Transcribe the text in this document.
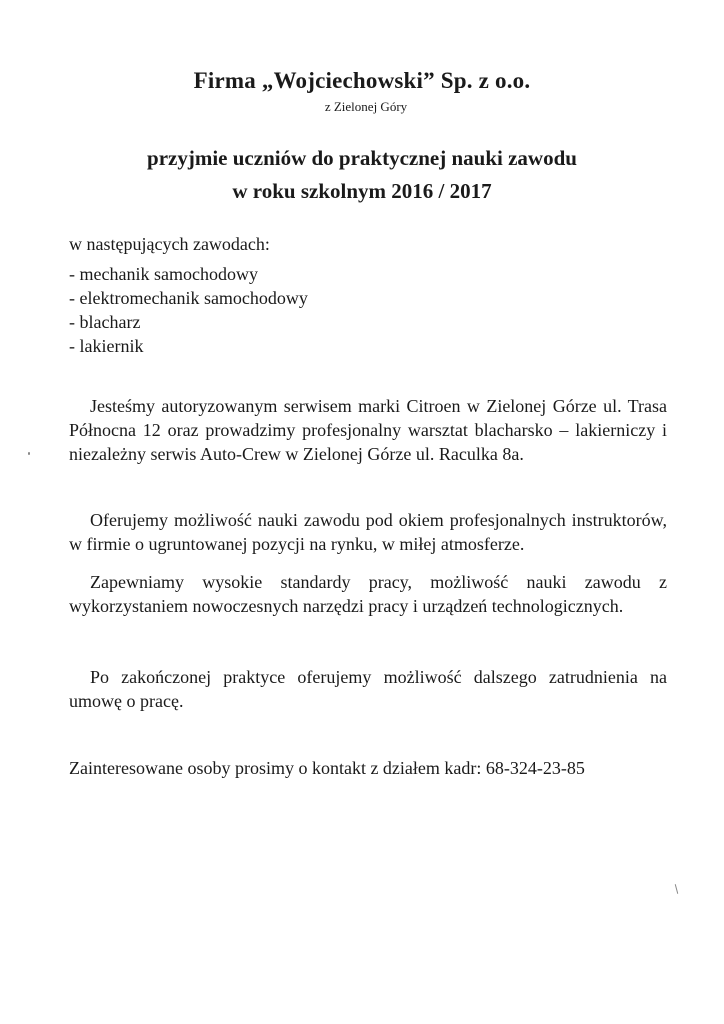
Firma „Wojciechowski” Sp. z o.o.

z Zielonej Góry

przyjmie uczniów do praktycznej nauki zawodu
w roku szkolnym 2016 / 2017

w następujących zawodach:

- mechanik samochodowy
- elektromechanik samochodowy
- blacharz
- lakiernik

Jesteśmy autoryzowanym serwisem marki Citroen w Zielonej Górze ul. Trasa Północna 12 oraz prowadzimy profesjonalny warsztat blacharsko – lakierniczy i niezależny serwis Auto-Crew w Zielonej Górze ul. Raculka 8a.

Oferujemy możliwość nauki zawodu pod okiem profesjonalnych instruktorów, w firmie o ugruntowanej pozycji na rynku, w miłej atmosferze.

Zapewniamy wysokie standardy pracy, możliwość nauki zawodu z wykorzystaniem nowoczesnych narzędzi pracy i urządzeń technologicznych.

Po zakończonej praktyce oferujemy możliwość dalszego zatrudnienia na umowę o pracę.

Zainteresowane osoby prosimy o kontakt z działem kadr: 68-324-23-85
